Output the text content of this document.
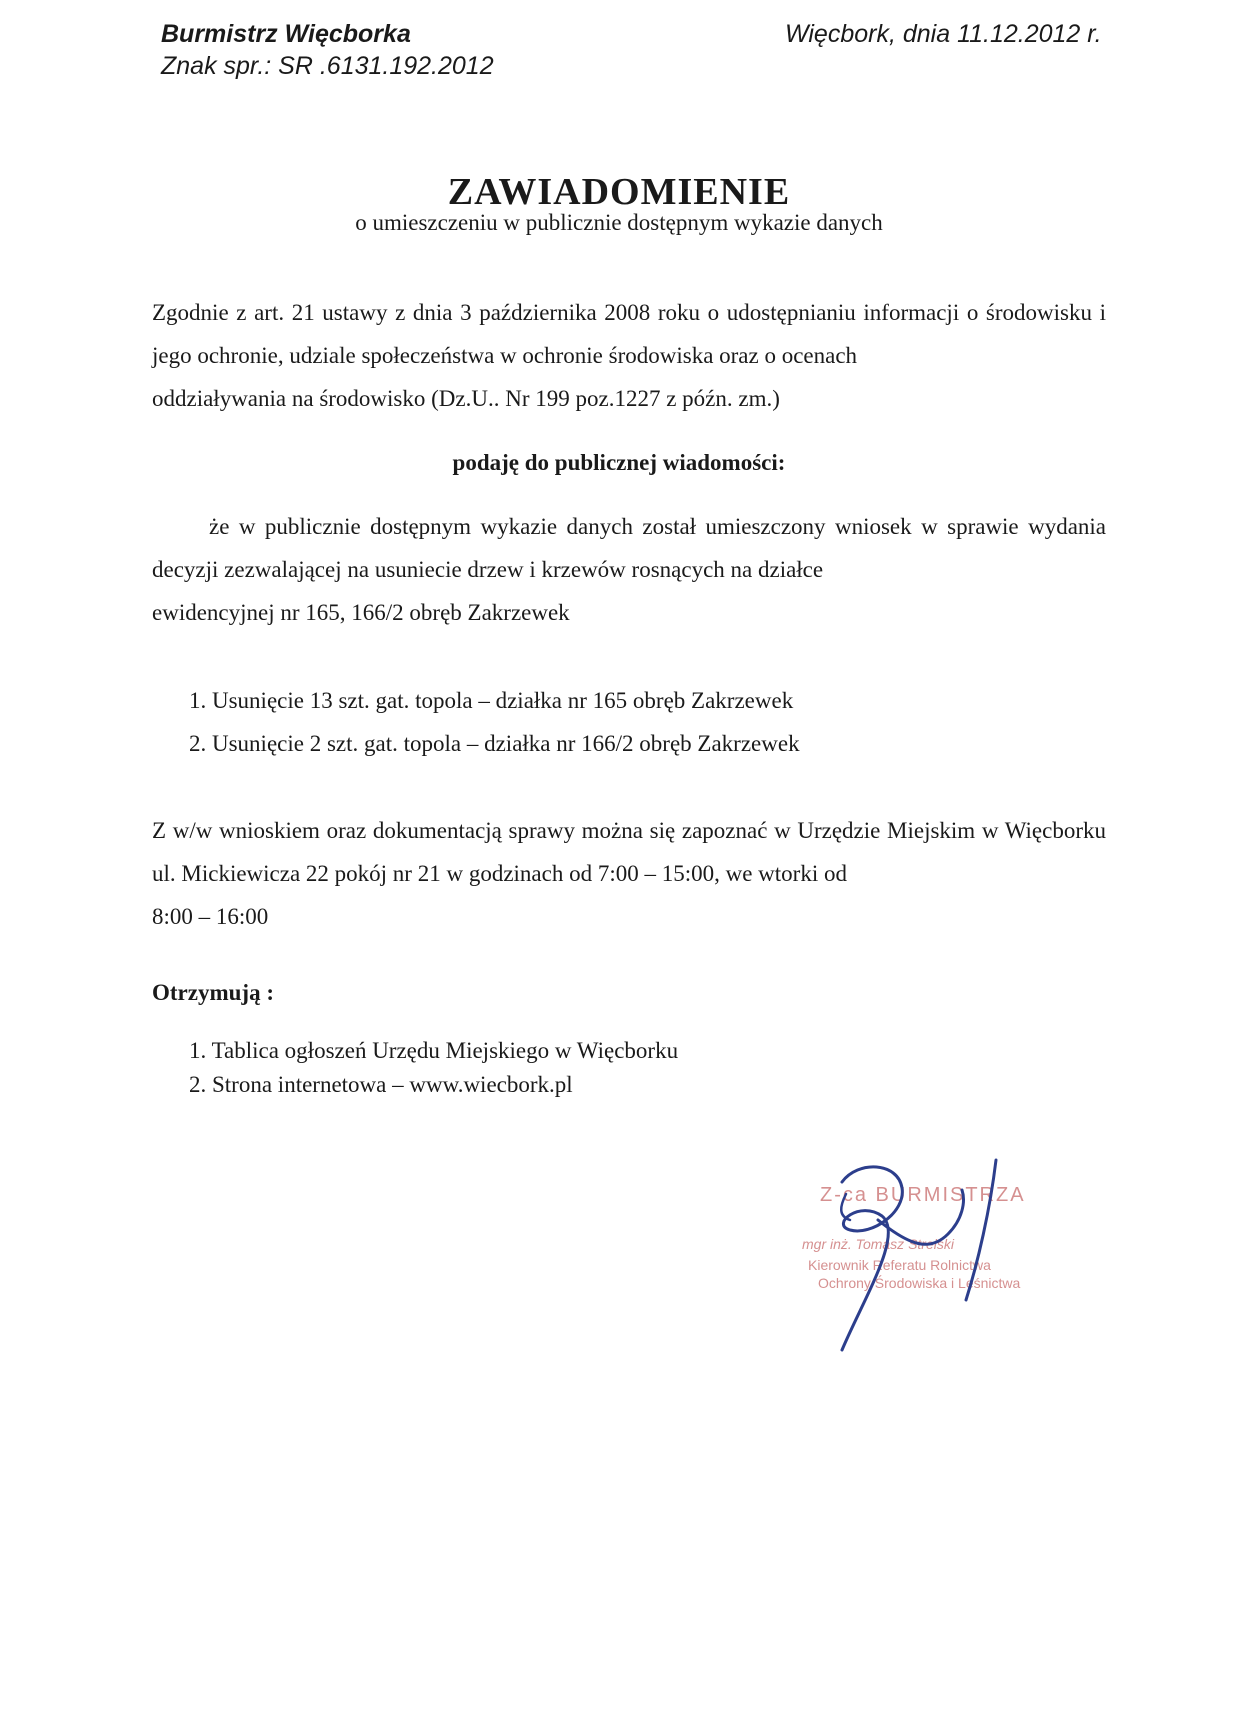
Burmistrz Więcborka
Znak spr.: SR .6131.192.2012
Więcbork, dnia 11.12.2012 r.
ZAWIADOMIENIE
o umieszczeniu w publicznie dostępnym wykazie danych
Zgodnie z art. 21 ustawy z dnia 3 października 2008 roku o udostępnianiu informacji o środowisku i jego ochronie, udziale społeczeństwa w ochronie środowiska oraz o ocenach
oddziaływania na środowisko (Dz.U.. Nr 199 poz.1227 z późn. zm.)
podaję do publicznej wiadomości:
że w publicznie dostępnym wykazie danych został umieszczony wniosek w sprawie wydania decyzji zezwalającej na usuniecie drzew i krzewów rosnących na działce
ewidencyjnej nr 165, 166/2 obręb Zakrzewek
1. Usunięcie 13 szt. gat. topola – działka nr 165 obręb Zakrzewek
2. Usunięcie 2 szt. gat. topola – działka nr 166/2 obręb Zakrzewek
Z w/w wnioskiem oraz dokumentacją sprawy można się zapoznać w Urzędzie Miejskim w Więcborku ul. Mickiewicza 22 pokój nr 21 w godzinach od 7:00 – 15:00, we wtorki od
8:00 – 16:00
Otrzymują :
1. Tablica ogłoszeń Urzędu Miejskiego w Więcborku
2. Strona internetowa – www.wiecbork.pl
Z-ca BURMISTRZA
mgr inż. Tomasz Strelski
Kierownik Referatu Rolnictwa
Ochrony Środowiska i Leśnictwa
